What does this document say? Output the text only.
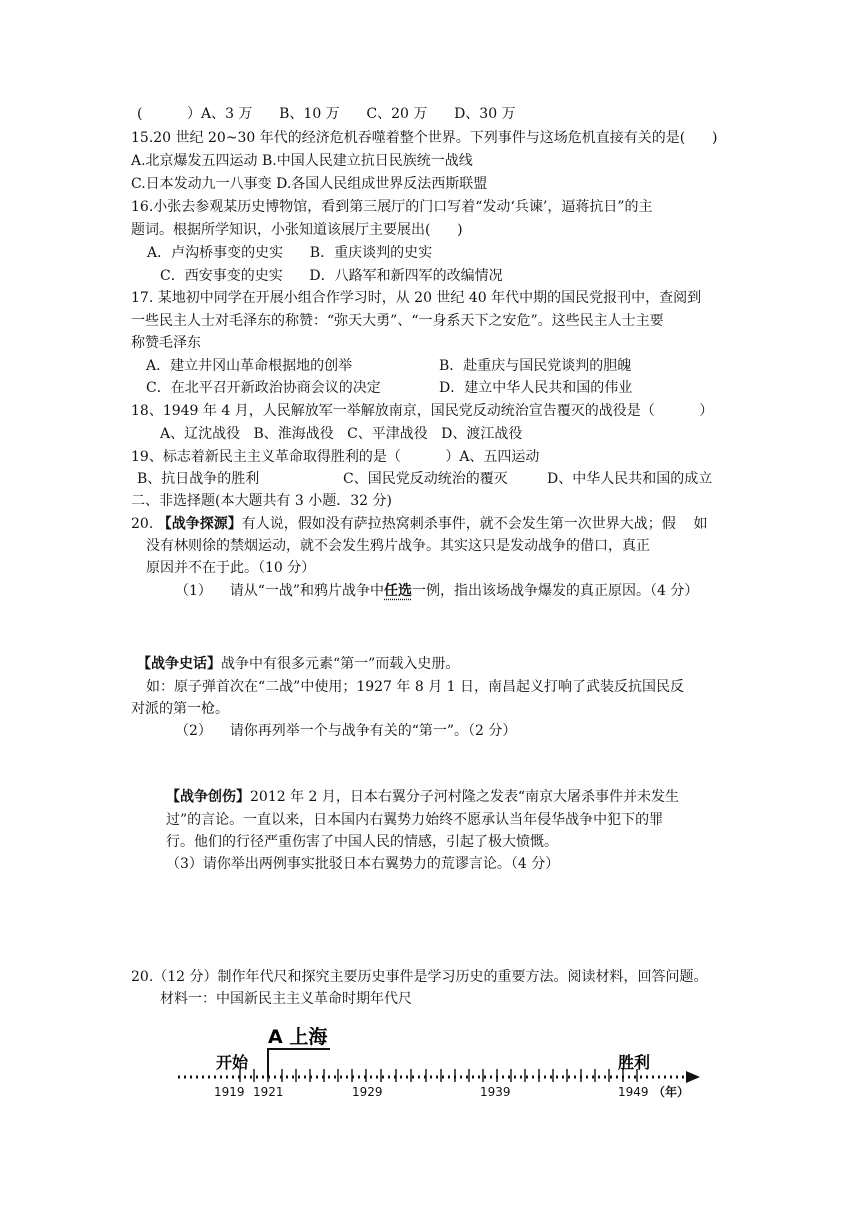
(          ）A、3 万      B、10 万      C、20 万      D、30 万
15.20 世纪 20~30 年代的经济危机吞噬着整个世界。下列事件与这场危机直接有关的是(      )
A.北京爆发五四运动 B.中国人民建立抗日民族统一战线
C.日本发动九一八事变 D.各国人民组成世界反法西斯联盟
16.小张去参观某历史博物馆，看到第三展厅的门口写着“发动‘兵谏’，逼蒋抗日”的主
题词。根据所学知识，小张知道该展厅主要展出(      )
A．卢沟桥事变的史实      B．重庆谈判的史实
C．西安事变的史实      D．八路军和新四军的改编情况
17. 某地初中同学在开展小组合作学习时，从 20 世纪 40 年代中期的国民党报刊中，查阅到
一些民主人士对毛泽东的称赞：“弥天大勇”、“一身系天下之安危”。这些民主人士主要
称赞毛泽东
A．建立井冈山革命根据地的创举	B．赴重庆与国民党谈判的胆魄
C．在北平召开新政治协商会议的决定	D．建立中华人民共和国的伟业
18、1949 年 4 月，人民解放军一举解放南京，国民党反动统治宣告覆灭的战役是（          ）
A、辽沈战役   B、淮海战役   C、平津战役   D、渡江战役
19、标志着新民主主义革命取得胜利的是（          ）A、五四运动
B、抗日战争的胜利	C、国民党反动统治的覆灭	D、中华人民共和国的成立
二、非选择题(本大题共有 3 小题．32 分)
20. 【战争探源】有人说，假如没有萨拉热窝刺杀事件，就不会发生第一次世界大战；假    如
没有林则徐的禁烟运动，就不会发生鸦片战争。其实这只是发动战争的借口，真正
原因并不在于此。（10 分）
（1）    请从“一战”和鸦片战争中任选一例，指出该场战争爆发的真正原因。（4 分）
【战争史话】战争中有很多元素“第一”而载入史册。
如：原子弹首次在“二战”中使用；1927 年 8 月 1 日，南昌起义打响了武装反抗国民反
对派的第一枪。
（2）    请你再列举一个与战争有关的“第一”。（2 分）
【战争创伤】2012 年 2 月，日本右翼分子河村隆之发表“南京大屠杀事件并未发生
过”的言论。一直以来，日本国内右翼势力始终不愿承认当年侵华战争中犯下的罪
行。他们的行径严重伤害了中国人民的情感，引起了极大愤慨。
（3）请你举出两例事实批驳日本右翼势力的荒谬言论。（4 分）
20.（12 分）制作年代尺和探究主要历史事件是学习历史的重要方法。阅读材料，回答问题。
材料一：中国新民主主义革命时期年代尺
A 上海
开始	胜利
1919 1921	1929	1939	1949 （年）
